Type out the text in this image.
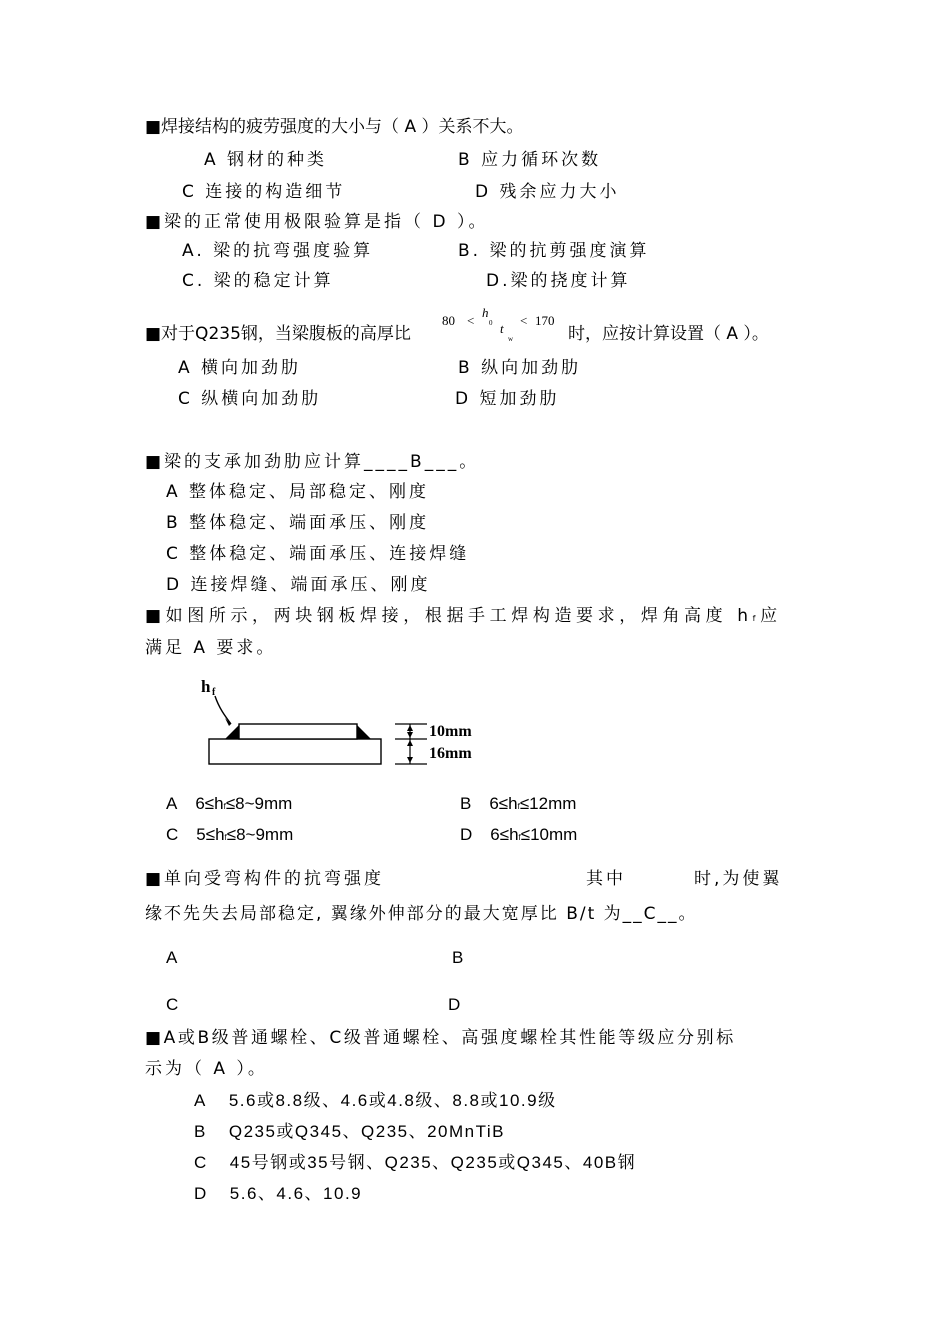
■焊接结构的疲劳强度的大小与（ A ）关系不大。
A 钢材的种类	B 应力循环次数
C 连接的构造细节	D 残余应力大小
■梁的正常使用极限验算是指（ D ）。
A. 梁的抗弯强度验算	B. 梁的抗剪强度演算
C. 梁的稳定计算	D.梁的挠度计算
■对于Q235钢，当梁腹板的高厚比
80 <
h
0 t
w
< 170
时，应按计算设置（ A ）。
A 横向加劲肋	B 纵向加劲肋
C 纵横向加劲肋	D 短加劲肋
■梁的支承加劲肋应计算____B___。
A 整体稳定、局部稳定、刚度
B 整体稳定、端面承压、刚度
C 整体稳定、端面承压、连接焊缝
D 连接焊缝、端面承压、刚度
■如图所示，两块钢板焊接，根据手工焊构造要求，焊角高度 hf应
满足 A 要求。
h f
10mm
16mm
A 6≤hf≤8~9mm	B 6≤hf≤12mm
C 5≤hf≤8~9mm	D 6≤hf≤10mm
■单向受弯构件的抗弯强度	其中	时,为使翼
缘不先失去局部稳定, 翼缘外伸部分的最大宽厚比 B/t 为__C__。
A	B
C	D
■A或B级普通螺栓、C级普通螺栓、高强度螺栓其性能等级应分别标
示为（ A ）。
A 5.6或8.8级、4.6或4.8级、8.8或10.9级
B Q235或Q345、Q235、20MnTiB
C 45号钢或35号钢、Q235、Q235或Q345、40B钢
D 5.6、4.6、10.9
